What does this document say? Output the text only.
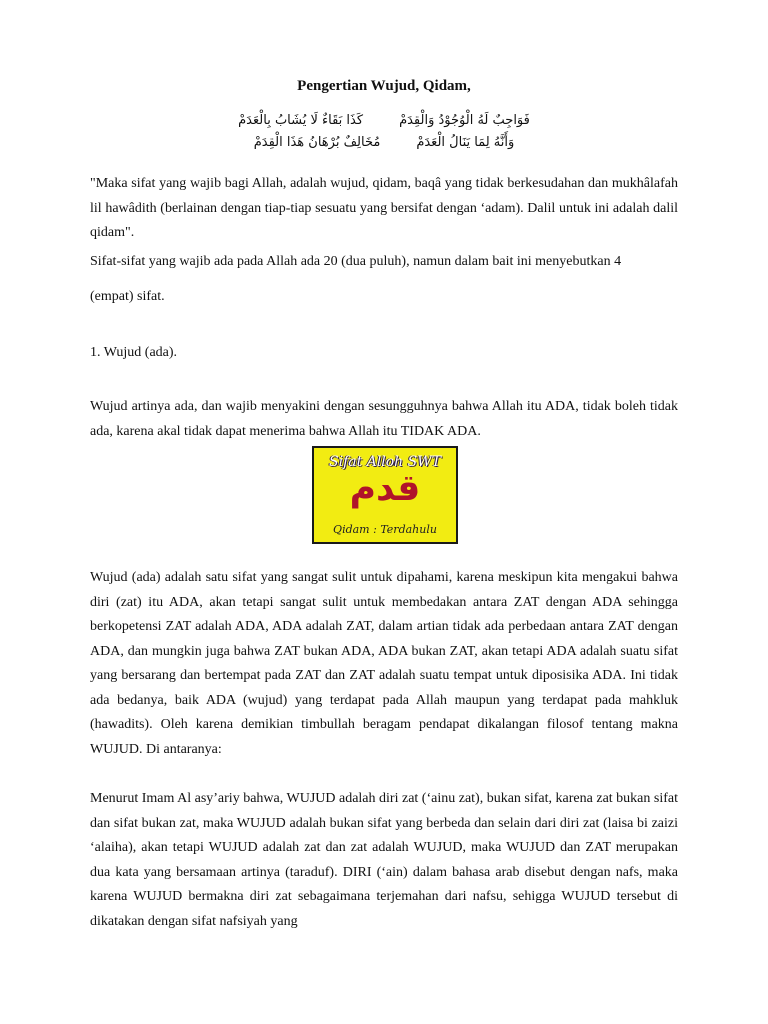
Pengertian Wujud, Qidam,
فَوَاجِبٌ لَهُ الْوُجُوْدُ وَالْقِدَمْكَذَا بَقَاءٌ لَا يُشَابُ بِالْعَدَمْ
وَأَنَّهُ لِمَا يَنَالُ الْعَدَمْمُخَالِفٌ بُرْهَانُ هَذَا الْقِدَمْ

"Maka sifat yang wajib bagi Allah, adalah wujud, qidam, baqâ yang tidak berkesudahan dan mukhâlafah lil hawâdith (berlainan dengan tiap-tiap sesuatu yang bersifat dengan ‘adam). Dalil untuk ini adalah dalil qidam".

Sifat-sifat yang wajib ada pada Allah ada 20 (dua puluh), namun dalam bait ini menyebutkan 4

(empat) sifat.

1. Wujud (ada).

Wujud artinya ada, dan wajib menyakini dengan sesungguhnya bahwa Allah itu ADA, tidak boleh tidak ada, karena akal tidak dapat menerima bahwa Allah itu TIDAK ADA.

Sifat Alloh SWT
قدم
Qidam : Terdahulu

Wujud (ada) adalah satu sifat yang sangat sulit untuk dipahami, karena meskipun kita mengakui bahwa diri (zat) itu ADA, akan tetapi sangat sulit untuk membedakan antara ZAT dengan ADA sehingga berkopetensi ZAT adalah ADA, ADA adalah ZAT, dalam artian tidak ada perbedaan antara ZAT dengan ADA, dan mungkin juga bahwa ZAT bukan ADA, ADA bukan ZAT, akan tetapi ADA adalah suatu sifat yang bersarang dan bertempat pada ZAT dan ZAT adalah suatu tempat untuk diposisika ADA. Ini tidak ada bedanya, baik ADA (wujud) yang terdapat pada Allah maupun yang terdapat pada mahkluk (hawadits). Oleh karena demikian timbullah beragam pendapat dikalangan filosof tentang makna WUJUD. Di antaranya:

Menurut Imam Al asy’ariy bahwa, WUJUD adalah diri zat (‘ainu zat), bukan sifat, karena zat bukan sifat dan sifat bukan zat, maka WUJUD adalah bukan sifat yang berbeda dan selain dari diri zat (laisa bi zaizi ‘alaiha), akan tetapi WUJUD adalah zat dan zat adalah WUJUD, maka WUJUD dan ZAT merupakan dua kata yang bersamaan artinya (taraduf). DIRI (‘ain) dalam bahasa arab disebut dengan nafs, maka karena WUJUD bermakna diri zat sebagaimana terjemahan dari nafsu, sehigga WUJUD tersebut di dikatakan dengan sifat nafsiyah yang
